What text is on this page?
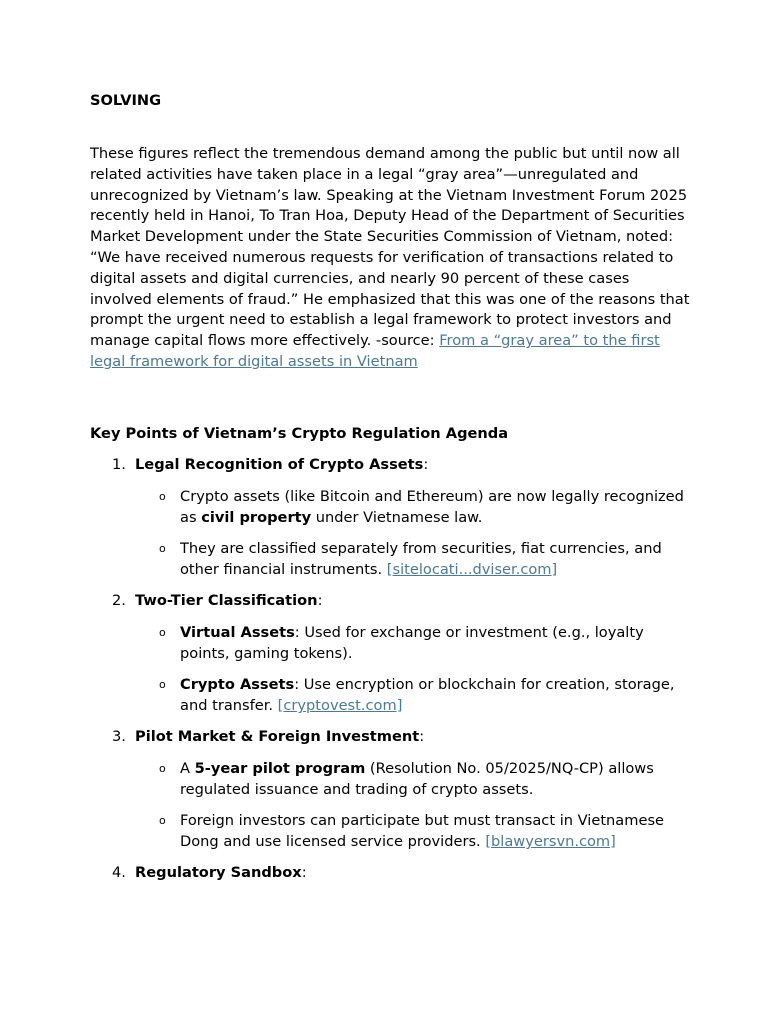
SOLVING

These figures reflect the tremendous demand among the public but until now all related activities have taken place in a legal “gray area”—unregulated and unrecognized by Vietnam’s law. Speaking at the Vietnam Investment Forum 2025 recently held in Hanoi, To Tran Hoa, Deputy Head of the Department of Securities Market Development under the State Securities Commission of Vietnam, noted: “We have received numerous requests for verification of transactions related to digital assets and digital currencies, and nearly 90 percent of these cases involved elements of fraud.” He emphasized that this was one of the reasons that prompt the urgent need to establish a legal framework to protect investors and manage capital flows more effectively. -source: From a “gray area” to the first legal framework for digital assets in Vietnam

Key Points of Vietnam’s Crypto Regulation Agenda

1. Legal Recognition of Crypto Assets:
o Crypto assets (like Bitcoin and Ethereum) are now legally recognized as civil property under Vietnamese law.
o They are classified separately from securities, fiat currencies, and other financial instruments. [sitelocati...dviser.com]
2. Two-Tier Classification:
o Virtual Assets: Used for exchange or investment (e.g., loyalty points, gaming tokens).
o Crypto Assets: Use encryption or blockchain for creation, storage, and transfer. [cryptovest.com]
3. Pilot Market & Foreign Investment:
o A 5-year pilot program (Resolution No. 05/2025/NQ-CP) allows regulated issuance and trading of crypto assets.
o Foreign investors can participate but must transact in Vietnamese Dong and use licensed service providers. [blawyersvn.com]
4. Regulatory Sandbox:
